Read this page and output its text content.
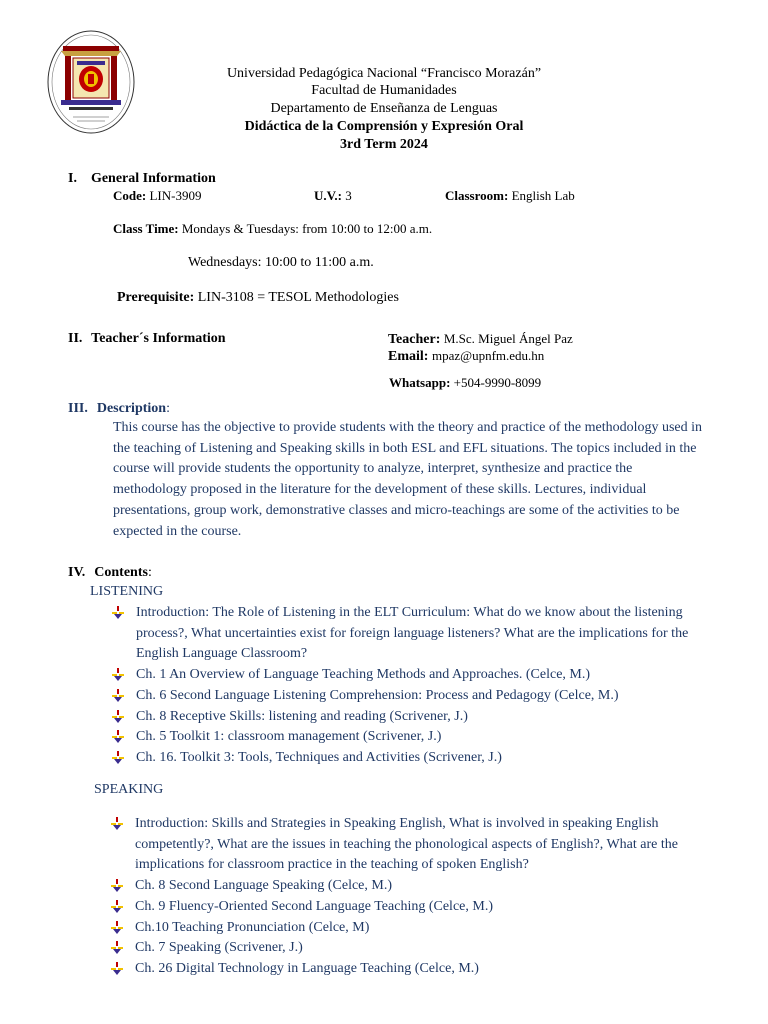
Universidad Pedagógica Nacional “Francisco Morazán”
Facultad de Humanidades
Departamento de Enseñanza de Lenguas
Didáctica de la Comprensión y Expresión Oral
3rd Term 2024
I. General Information
Code: LIN-3909	U.V.: 3	Classroom: English Lab
Class Time: Mondays & Tuesdays: from 10:00 to 12:00 a.m.
Wednesdays: 10:00 to 11:00 a.m.
Prerequisite: LIN-3108 = TESOL Methodologies
II. Teacher´s Information	Teacher: M.Sc. Miguel Ángel Paz
Email: mpaz@upnfm.edu.hn
Whatsapp: +504-9990-8099
III. Description:
This course has the objective to provide students with the theory and practice of the methodology used in the teaching of Listening and Speaking skills in both ESL and EFL situations. The topics included in the course will provide students the opportunity to analyze, interpret, synthesize and practice the methodology proposed in the literature for the development of these skills. Lectures, individual presentations, group work, demonstrative classes and micro-teachings are some of the activities to be expected in the course.
IV. Contents:
LISTENING
Introduction: The Role of Listening in the ELT Curriculum: What do we know about the listening process?, What uncertainties exist for foreign language listeners? What are the implications for the English Language Classroom?
Ch. 1 An Overview of Language Teaching Methods and Approaches. (Celce, M.)
Ch. 6 Second Language Listening Comprehension: Process and Pedagogy (Celce, M.)
Ch. 8 Receptive Skills: listening and reading (Scrivener, J.)
Ch. 5 Toolkit 1: classroom management (Scrivener, J.)
Ch. 16. Toolkit 3: Tools, Techniques and Activities (Scrivener, J.)
SPEAKING
Introduction: Skills and Strategies in Speaking English, What is involved in speaking English competently?, What are the issues in teaching the phonological aspects of English?, What are the implications for classroom practice in the teaching of spoken English?
Ch. 8 Second Language Speaking (Celce, M.)
Ch. 9 Fluency-Oriented Second Language Teaching (Celce, M.)
Ch.10 Teaching Pronunciation (Celce, M)
Ch. 7 Speaking (Scrivener, J.)
Ch. 26 Digital Technology in Language Teaching (Celce, M.)
